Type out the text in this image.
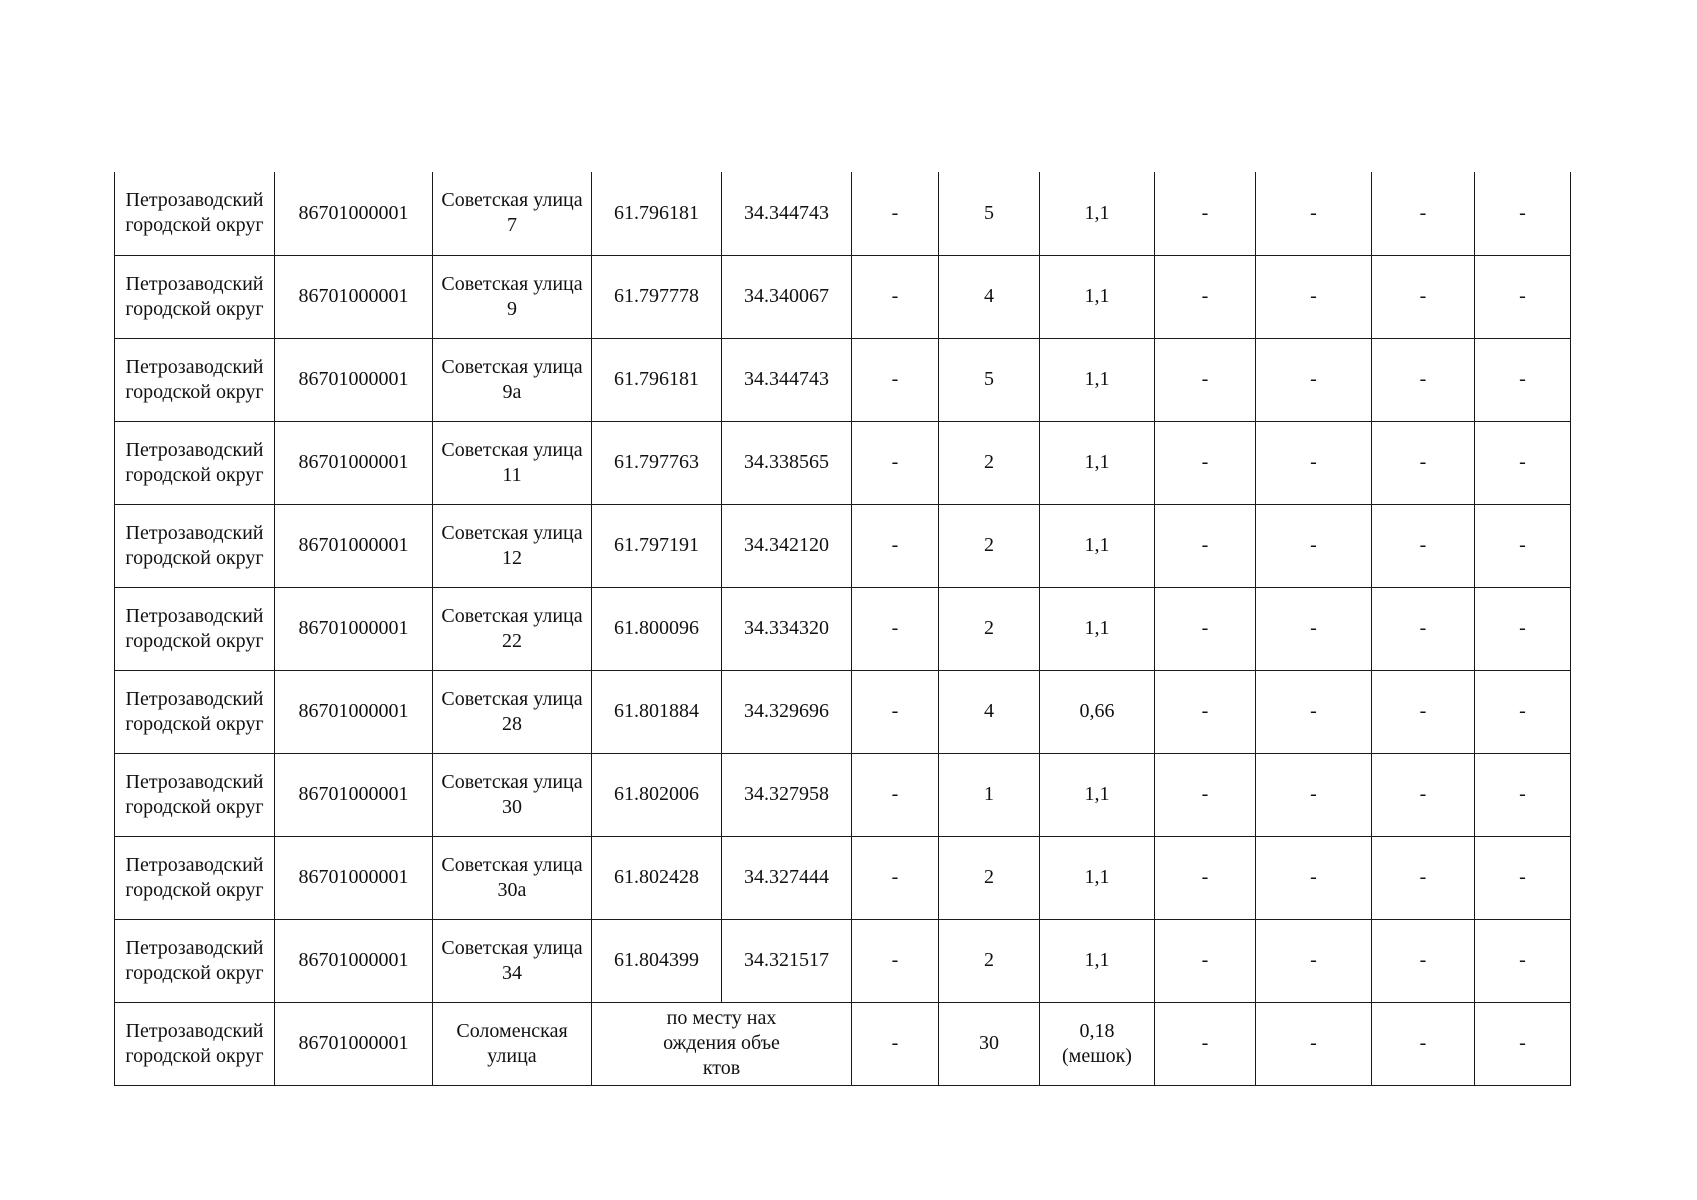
Петрозаводский городской округ	86701000001	Советская улица 7	61.796181	34.344743	-	5	1,1	-	-	-	-
Петрозаводский городской округ	86701000001	Советская улица 9	61.797778	34.340067	-	4	1,1	-	-	-	-
Петрозаводский городской округ	86701000001	Советская улица 9а	61.796181	34.344743	-	5	1,1	-	-	-	-
Петрозаводский городской округ	86701000001	Советская улица 11	61.797763	34.338565	-	2	1,1	-	-	-	-
Петрозаводский городской округ	86701000001	Советская улица 12	61.797191	34.342120	-	2	1,1	-	-	-	-
Петрозаводский городской округ	86701000001	Советская улица 22	61.800096	34.334320	-	2	1,1	-	-	-	-
Петрозаводский городской округ	86701000001	Советская улица 28	61.801884	34.329696	-	4	0,66	-	-	-	-
Петрозаводский городской округ	86701000001	Советская улица 30	61.802006	34.327958	-	1	1,1	-	-	-	-
Петрозаводский городской округ	86701000001	Советская улица 30а	61.802428	34.327444	-	2	1,1	-	-	-	-
Петрозаводский городской округ	86701000001	Советская улица 34	61.804399	34.321517	-	2	1,1	-	-	-	-
Петрозаводский городской округ	86701000001	Соломенская улица	по месту нахождения объектов		-	30	0,18 (мешок)	-	-	-	-
